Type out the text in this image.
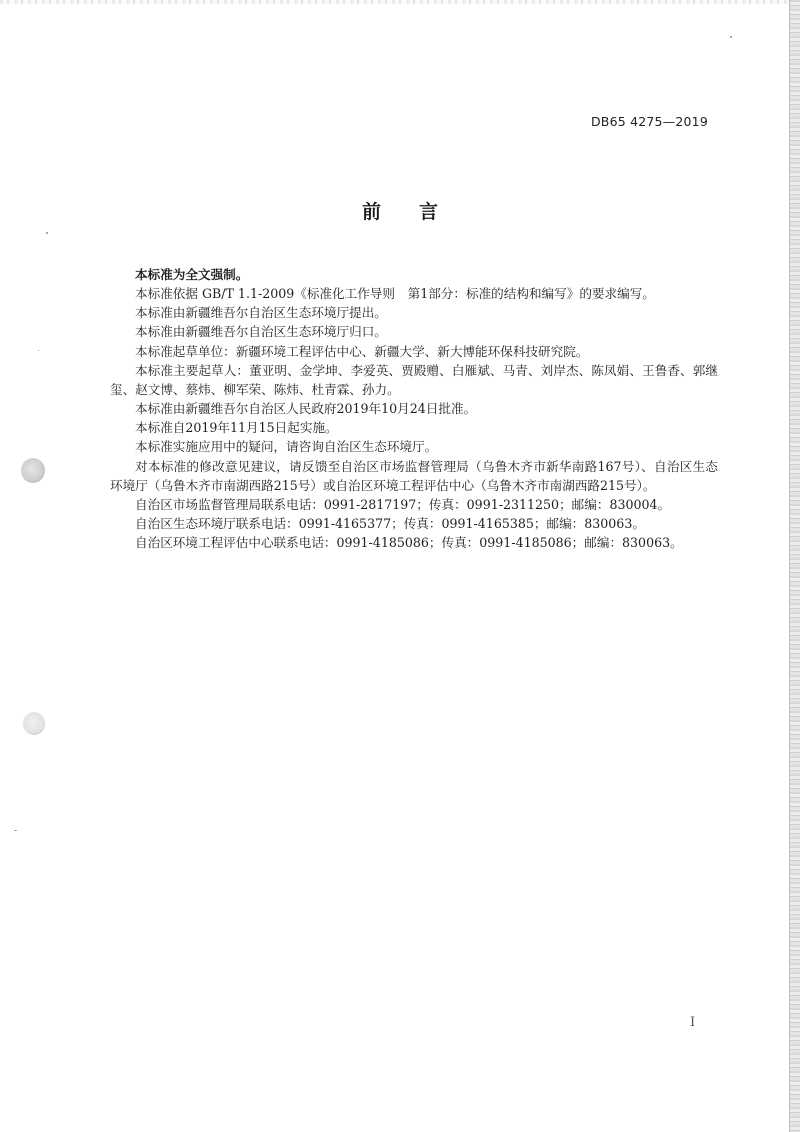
DB65 4275—2019
前 言

本标准为全文强制。

本标准依据 GB/T 1.1-2009《标准化工作导则　第1部分：标准的结构和编写》的要求编写。

本标准由新疆维吾尔自治区生态环境厅提出。

本标准由新疆维吾尔自治区生态环境厅归口。

本标准起草单位：新疆环境工程评估中心、新疆大学、新大博能环保科技研究院。

本标准主要起草人：董亚明、金学坤、李爱英、贾殿赠、白雁斌、马青、刘岸杰、陈凤娟、王鲁香、郭继玺、赵文博、蔡炜、柳军荣、陈炜、杜青霖、孙力。

本标准由新疆维吾尔自治区人民政府2019年10月24日批准。

本标准自2019年11月15日起实施。

本标准实施应用中的疑问，请咨询自治区生态环境厅。

对本标准的修改意见建议，请反馈至自治区市场监督管理局（乌鲁木齐市新华南路167号）、自治区生态环境厅（乌鲁木齐市南湖西路215号）或自治区环境工程评估中心（乌鲁木齐市南湖西路215号）。

自治区市场监督管理局联系电话：0991-2817197；传真：0991-2311250；邮编：830004。

自治区生态环境厅联系电话：0991-4165377；传真：0991-4165385；邮编：830063。

自治区环境工程评估中心联系电话：0991-4185086；传真：0991-4185086；邮编：830063。

I
